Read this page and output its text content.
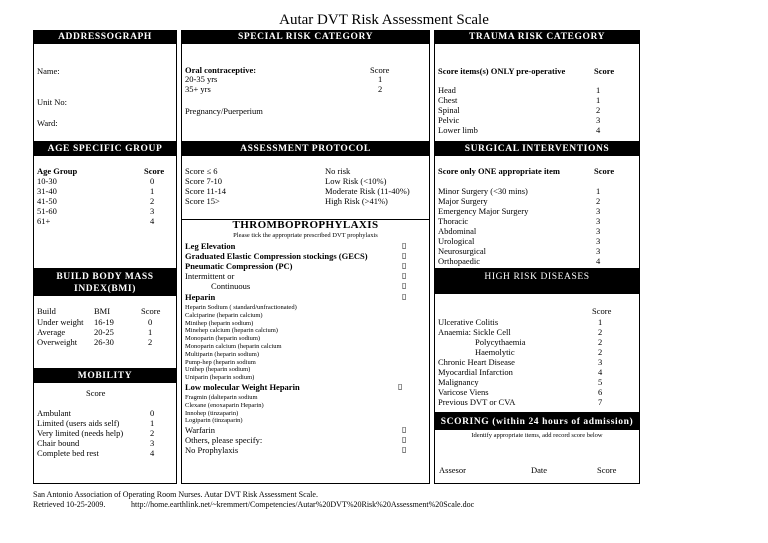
Autar DVT Risk Assessment Scale
ADDRESSOGRAPH
Name:
Unit No:
Ward:
SPECIAL RISK CATEGORY
Oral contraceptive:	Score
20-35 yrs	1
35+ yrs	2
Pregnancy/Puerperium
TRAUMA RISK CATEGORY
Score items(s) ONLY pre-operative	Score
Head	1
Chest	1
Spinal	2
Pelvic	3
Lower limb	4
AGE SPECIFIC GROUP
Age Group	Score
10-30	0
31-40	1
41-50	2
51-60	3
61+	4
BUILD BODY MASS
INDEX(BMI)
Build	BMI	Score
Under weight 16-19	0
Average	20-25	1
Overweight 26-30	2
MOBILITY
Score
Ambulant	0
Limited (users aids self)	1
Very limited (needs help)	2
Chair bound	3
Complete bed rest	4
ASSESSMENT PROTOCOL
Score ≤ 6	No risk
Score 7-10	Low Risk (<10%)
Score 11-14	Moderate Risk (11-40%)
Score 15>	High Risk (>41%)
THROMBOPROPHYLAXIS
Please tick the appropriate prescribed DVT prophylaxis
Leg Elevation	▯
Graduated Elastic Compression stockings (GECS)	▯
Pneumatic Compression (PC)	▯
Intermittent or	▯
Continuous	▯
Heparin	▯
Heparin Sodium ( standard/unfractionated)
Calciparine (heparin calcium)
Minihep (heparin sodium)
Minehep calcium (heparin calcium)
Monoparin (heparin sodium)
Monoparin calcium (heparin calcium
Multiparin (heparin sodium)
Pump-hep (heparin sodium
Unihep (heparin sodium)
Uniparin (heparin sodium)
Low molecular Weight Heparin	▯
Fragmin (dalteparin sodium
Clexane (enoxaparin Heparin)
Innohep (tinzaparin)
Logiparin (tinzaparin)
Warfarin	▯
Others, please specify:	▯
No Prophylaxis	▯
SURGICAL INTERVENTIONS
Score only ONE appropriate item	Score
Minor Surgery (<30 mins)	1
Major Surgery	2
Emergency Major Surgery	3
Thoracic	3
Abdominal	3
Urological	3
Neurosurgical	3
Orthopaedic	4
HIGH RISK DISEASES
Score
Ulcerative Colitis	1
Anaemia: Sickle Cell	2
Polycythaemia	2
Haemolytic	2
Chronic Heart Disease	3
Myocardial Infarction	4
Malignancy	5
Varicose Viens	6
Previous DVT or CVA	7
SCORING (within 24 hours of admission)
Identify appropriate items, add record score below
Assesor	Date	Score
San Antonio Association of Operating Room Nurses. Autar DVT Risk Assessment Scale.
Retrieved 10-25-2009.	http://home.earthlink.net/~kremmert/Competencies/Autar%20DVT%20Risk%20Assessment%20Scale.doc
